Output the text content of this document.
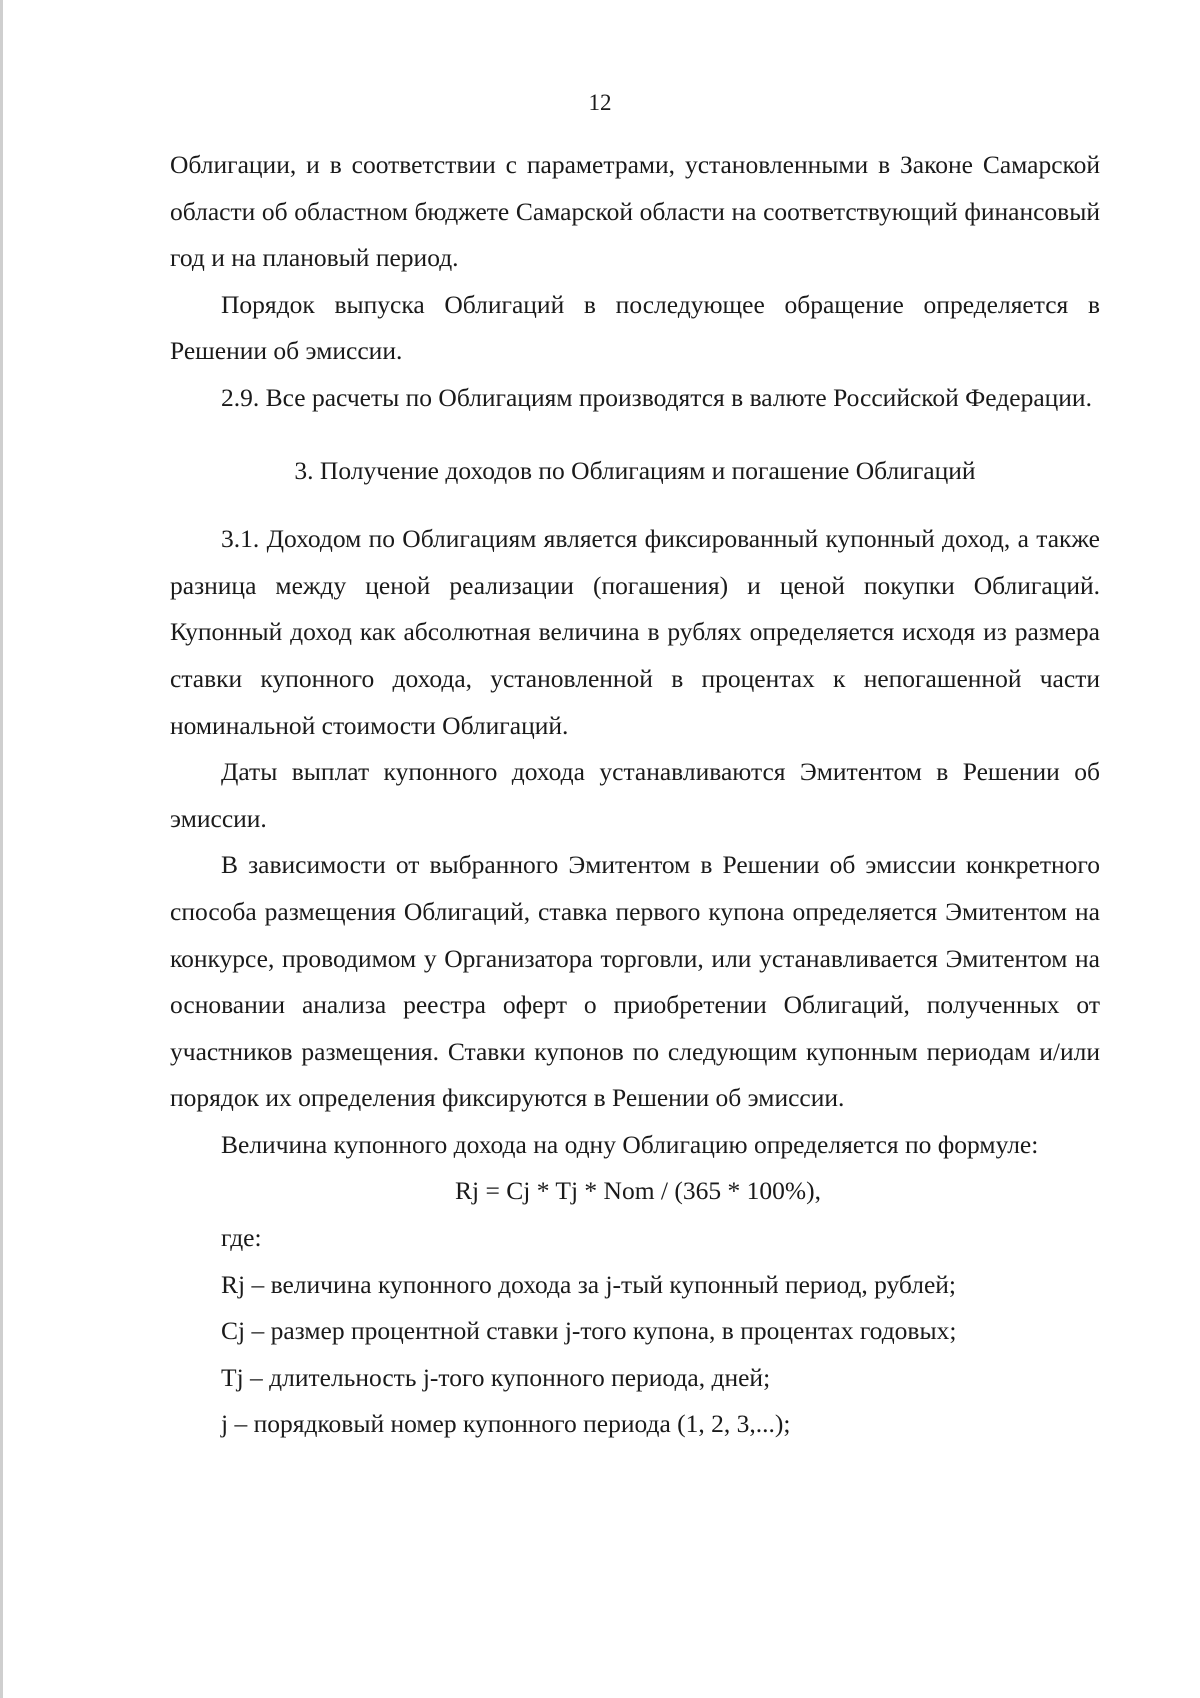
12

Облигации, и в соответствии с параметрами, установленными в Законе Самарской области об областном бюджете Самарской области на соответствующий финансовый год и на плановый период.

Порядок выпуска Облигаций в последующее обращение определяется в Решении об эмиссии.

2.9. Все расчеты по Облигациям производятся в валюте Российской Федерации.

3. Получение доходов по Облигациям и погашение Облигаций

3.1. Доходом по Облигациям является фиксированный купонный доход, а также разница между ценой реализации (погашения) и ценой покупки Облигаций. Купонный доход как абсолютная величина в рублях определяется исходя из размера ставки купонного дохода, установленной в процентах к непогашенной части номинальной стоимости Облигаций.

Даты выплат купонного дохода устанавливаются Эмитентом в Решении об эмиссии.

В зависимости от выбранного Эмитентом в Решении об эмиссии конкретного способа размещения Облигаций, ставка первого купона определяется Эмитентом на конкурсе, проводимом у Организатора торговли, или устанавливается Эмитентом на основании анализа реестра оферт о приобретении Облигаций, полученных от участников размещения. Ставки купонов по следующим купонным периодам и/или порядок их определения фиксируются в Решении об эмиссии.

Величина купонного дохода на одну Облигацию определяется по формуле:

Rj = Cj * Tj * Nom / (365 * 100%),

где:

Rj – величина купонного дохода за j-тый купонный период, рублей;

Cj – размер процентной ставки j-того купона, в процентах годовых;

Tj – длительность j-того купонного периода, дней;

j – порядковый номер купонного периода (1, 2, 3,...);
